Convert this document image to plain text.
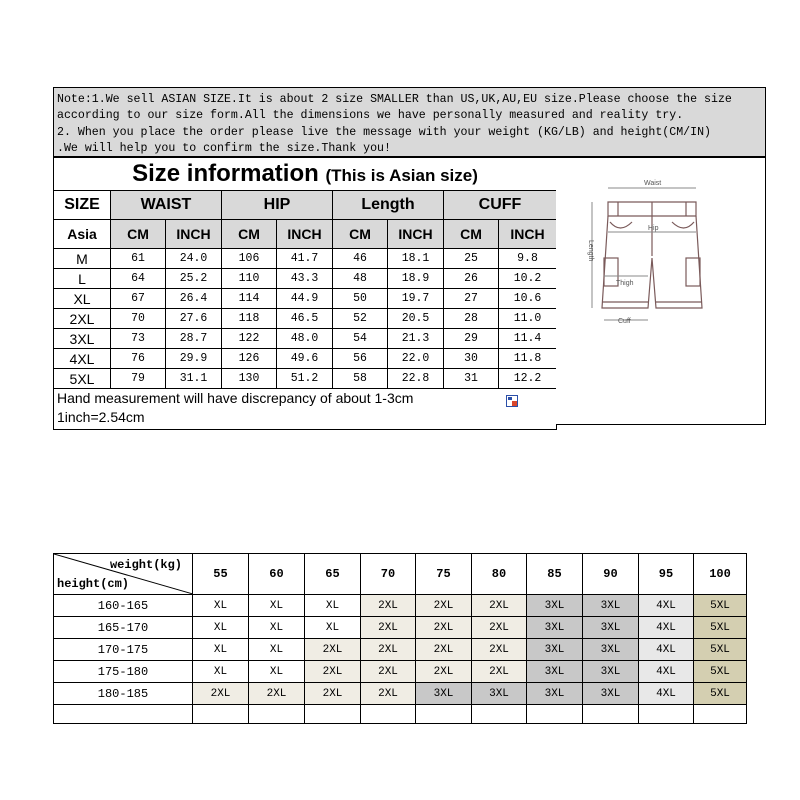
Note:1.We sell ASIAN SIZE.It is about 2 size SMALLER than US,UK,AU,EU size.Please choose the size
according to our size form.All the dimensions we have personally measured and reality try.
2. When you place the order please live the message with your weight (KG/LB) and height(CM/IN)
.We will help you to confirm the size.Thank you!
Size information (This is Asian size)								
SIZE	WAIST		HIP		Length		CUFF	
Asia	CM	INCH	CM	INCH	CM	INCH	CM	INCH
M	61	24.0	106	41.7	46	18.1	25	9.8
L	64	25.2	110	43.3	48	18.9	26	10.2
XL	67	26.4	114	44.9	50	19.7	27	10.6
2XL	70	27.6	118	46.5	52	20.5	28	11.0
3XL	73	28.7	122	48.0	54	21.3	29	11.4
4XL	76	29.9	126	49.6	56	22.0	30	11.8
5XL	79	31.1	130	51.2	58	22.8	31	12.2

Hand measurement will have discrepancy of about 1-3cm
1inch=2.54cm								
Waist
Hip
Thigh
Cuff
Length
weight(kg)
height(cm)	55	60	65	70	75	80	85	90	95	100
160-165	XL	XL	XL	2XL	2XL	2XL	3XL	3XL	4XL	5XL
165-170	XL	XL	XL	2XL	2XL	2XL	3XL	3XL	4XL	5XL
170-175	XL	XL	2XL	2XL	2XL	2XL	3XL	3XL	4XL	5XL
175-180	XL	XL	2XL	2XL	2XL	2XL	3XL	3XL	4XL	5XL
180-185	2XL	2XL	2XL	2XL	3XL	3XL	3XL	3XL	4XL	5XL
